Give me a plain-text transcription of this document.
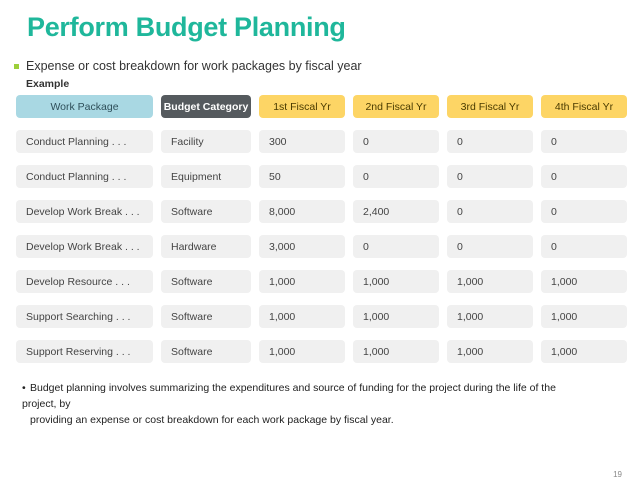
Perform Budget Planning
Expense or cost breakdown for work packages by fiscal year
Example
Work Package	Budget Category	1st Fiscal Yr	2nd Fiscal Yr	3rd Fiscal Yr	4th Fiscal Yr
Conduct Planning . . .	Facility	300	0	0	0
Conduct Planning . . .	Equipment	50	0	0	0
Develop Work Break . . .	Software	8,000	2,400	0	0
Develop Work Break . . .	Hardware	3,000	0	0	0
Develop Resource . . .	Software	1,000	1,000	1,000	1,000
Support Searching . . .	Software	1,000	1,000	1,000	1,000
Support Reserving . . .	Software	1,000	1,000	1,000	1,000
• Budget planning involves summarizing the expenditures and source of funding for the project during the life of the project, by
providing an expense or cost breakdown for each work package by fiscal year.
19
